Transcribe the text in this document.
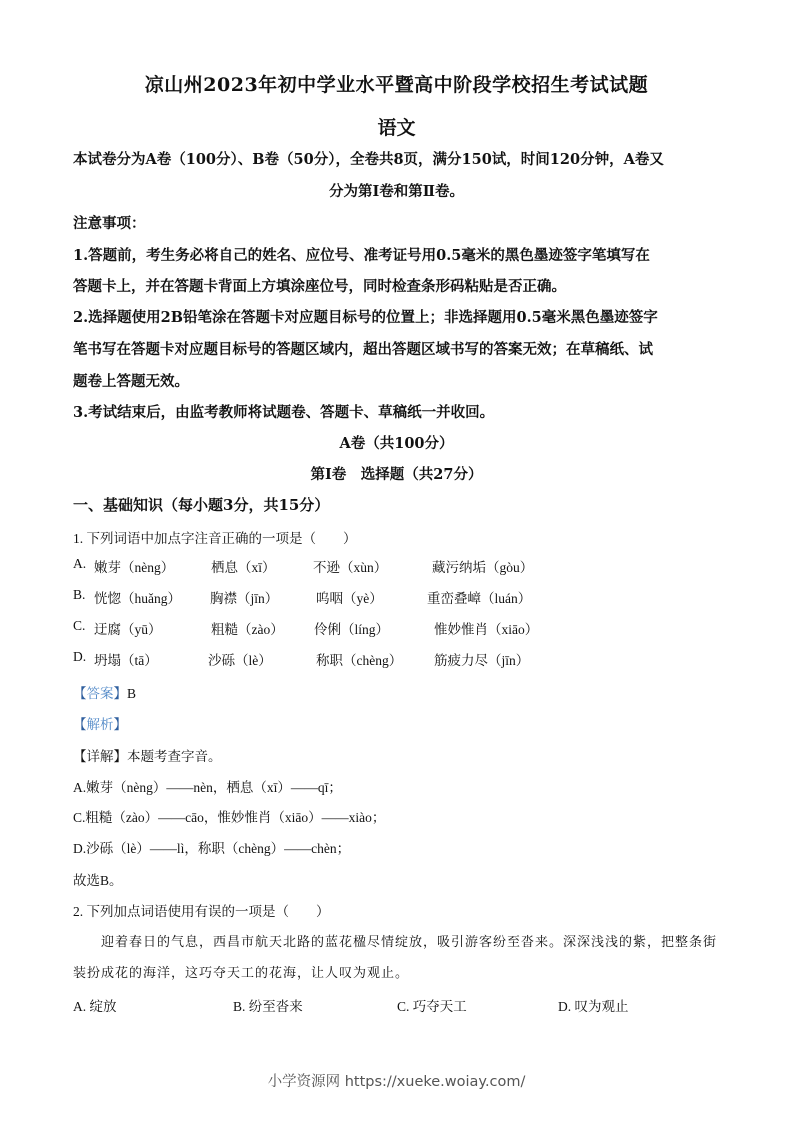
凉山州2023年初中学业水平暨高中阶段学校招生考试试题
语文
本试卷分为A卷（100分）、B卷（50分），全卷共8页，满分150试，时间120分钟，A卷又
分为第Ⅰ卷和第Ⅱ卷。
注意事项：
1.答题前，考生务必将自己的姓名、应位号、准考证号用0.5毫米的黑色墨迹签字笔填写在
答题卡上，并在答题卡背面上方填涂座位号，同时检查条形码粘贴是否正确。
2.选择题使用2B铅笔涂在答题卡对应题目标号的位置上；非选择题用0.5毫米黑色墨迹签字
笔书写在答题卡对应题目标号的答题区域内，超出答题区域书写的答案无效；在草稿纸、试
题卷上答题无效。
3.考试结束后，由监考教师将试题卷、答题卡、草稿纸一并收回。
A卷（共100分）
第Ⅰ卷　选择题（共27分）
一、基础知识（每小题3分，共15分）
1. 下列词语中加点字注音正确的一项是（　　）
A. 嫩芽（nèng）	栖息（xī）	不逊（xùn）	藏污纳垢（gòu）
B. 恍惚（huǎng） 胸襟（jīn）	呜咽（yè）	重峦叠嶂（luán）
C. 迂腐（yū）	粗糙（zào） 伶俐（líng）	惟妙惟肖（xiāo）
D. 坍塌（tā）	沙砾（lè）	称职（chèng） 筋疲力尽（jīn）
【答案】B
【解析】
【详解】本题考查字音。
A.嫩芽（nèng）——nèn，栖息（xī）——qī；
C.粗糙（zào）——cāo，惟妙惟肖（xiāo）——xiào；
D.沙砾（lè）——lì，称职（chèng）——chèn；
故选B。
2. 下列加点词语使用有误的一项是（　　）
迎着春日的气息，西昌市航天北路的蓝花楹尽情绽放，吸引游客纷至沓来。深深浅浅的紫，把整条街
装扮成花的海洋，这巧夺天工的花海，让人叹为观止。
A. 绽放	B. 纷至沓来	C. 巧夺天工	D. 叹为观止
小学资源网 https://xueke.woiay.com/
